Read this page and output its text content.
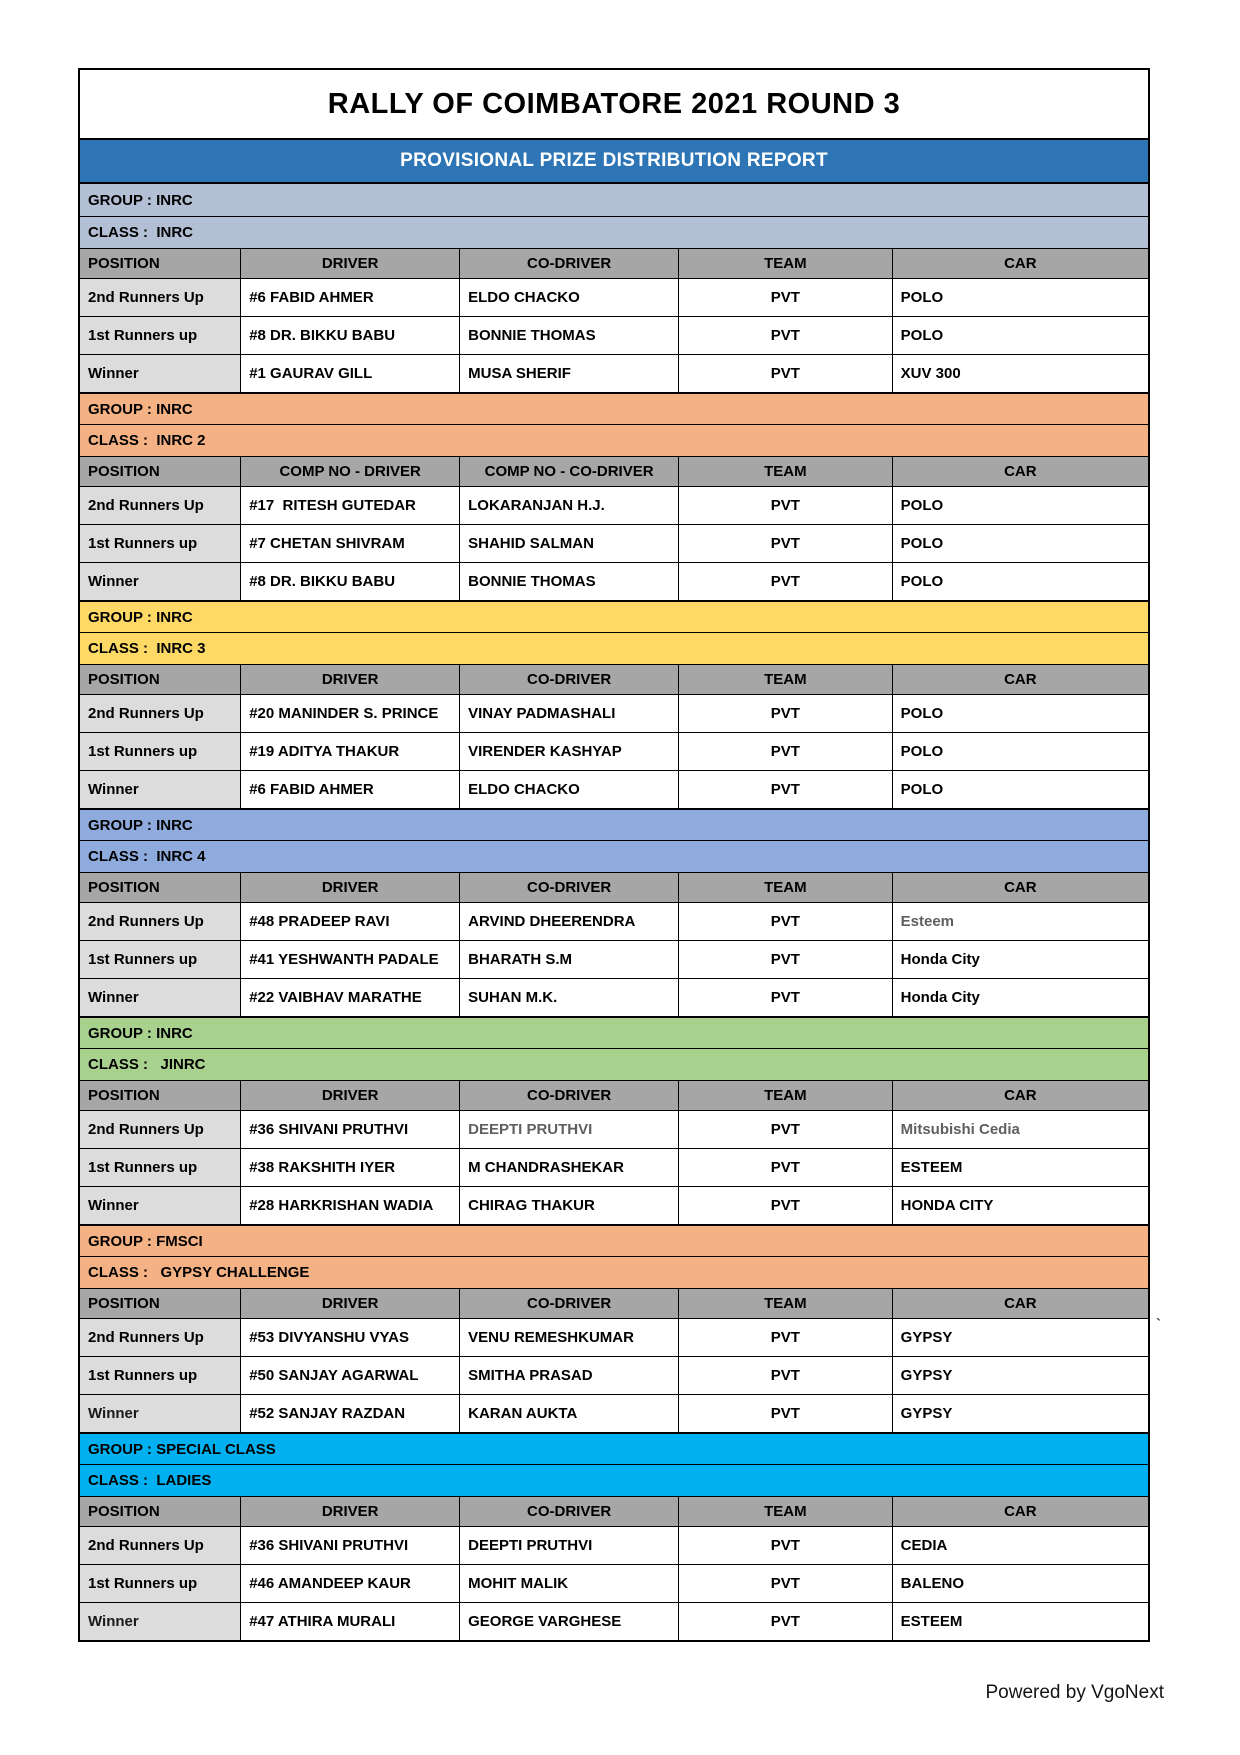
RALLY OF COIMBATORE 2021 ROUND 3
PROVISIONAL PRIZE DISTRIBUTION REPORT
GROUP : INRC
CLASS :  INRC
POSITION	DRIVER	CO-DRIVER	TEAM	CAR
2nd Runners Up	#6 FABID AHMER	ELDO CHACKO	PVT	POLO
1st Runners up	#8 DR. BIKKU BABU	BONNIE THOMAS	PVT	POLO
Winner	#1 GAURAV GILL	MUSA SHERIF	PVT	XUV 300
GROUP : INRC
CLASS :  INRC 2
POSITION	COMP NO - DRIVER	COMP NO - CO-DRIVER	TEAM	CAR
2nd Runners Up	#17  RITESH GUTEDAR	LOKARANJAN H.J.	PVT	POLO
1st Runners up	#7 CHETAN SHIVRAM	SHAHID SALMAN	PVT	POLO
Winner	#8 DR. BIKKU BABU	BONNIE THOMAS	PVT	POLO
GROUP : INRC
CLASS :  INRC 3
POSITION	DRIVER	CO-DRIVER	TEAM	CAR
2nd Runners Up	#20 MANINDER S. PRINCE	VINAY PADMASHALI	PVT	POLO
1st Runners up	#19 ADITYA THAKUR	VIRENDER KASHYAP	PVT	POLO
Winner	#6 FABID AHMER	ELDO CHACKO	PVT	POLO
GROUP : INRC
CLASS :  INRC 4
POSITION	DRIVER	CO-DRIVER	TEAM	CAR
2nd Runners Up	#48 PRADEEP RAVI	ARVIND DHEERENDRA	PVT	Esteem
1st Runners up	#41 YESHWANTH PADALE	BHARATH S.M	PVT	Honda City
Winner	#22 VAIBHAV MARATHE	SUHAN M.K.	PVT	Honda City
GROUP : INRC
CLASS :   JINRC
POSITION	DRIVER	CO-DRIVER	TEAM	CAR
2nd Runners Up	#36 SHIVANI PRUTHVI	DEEPTI PRUTHVI	PVT	Mitsubishi Cedia
1st Runners up	#38 RAKSHITH IYER	M CHANDRASHEKAR	PVT	ESTEEM
Winner	#28 HARKRISHAN WADIA	CHIRAG THAKUR	PVT	HONDA CITY
GROUP : FMSCI
CLASS :   GYPSY CHALLENGE
POSITION	DRIVER	CO-DRIVER	TEAM	CAR
2nd Runners Up	#53 DIVYANSHU VYAS	VENU REMESHKUMAR	PVT	GYPSY
1st Runners up	#50 SANJAY AGARWAL	SMITHA PRASAD	PVT	GYPSY
Winner	#52 SANJAY RAZDAN	KARAN AUKTA	PVT	GYPSY
GROUP : SPECIAL CLASS
CLASS :  LADIES
POSITION	DRIVER	CO-DRIVER	TEAM	CAR
2nd Runners Up	#36 SHIVANI PRUTHVI	DEEPTI PRUTHVI	PVT	CEDIA
1st Runners up	#46 AMANDEEP KAUR	MOHIT MALIK	PVT	BALENO
Winner	#47 ATHIRA MURALI	GEORGE VARGHESE	PVT	ESTEEM
`
Powered by VgoNext
